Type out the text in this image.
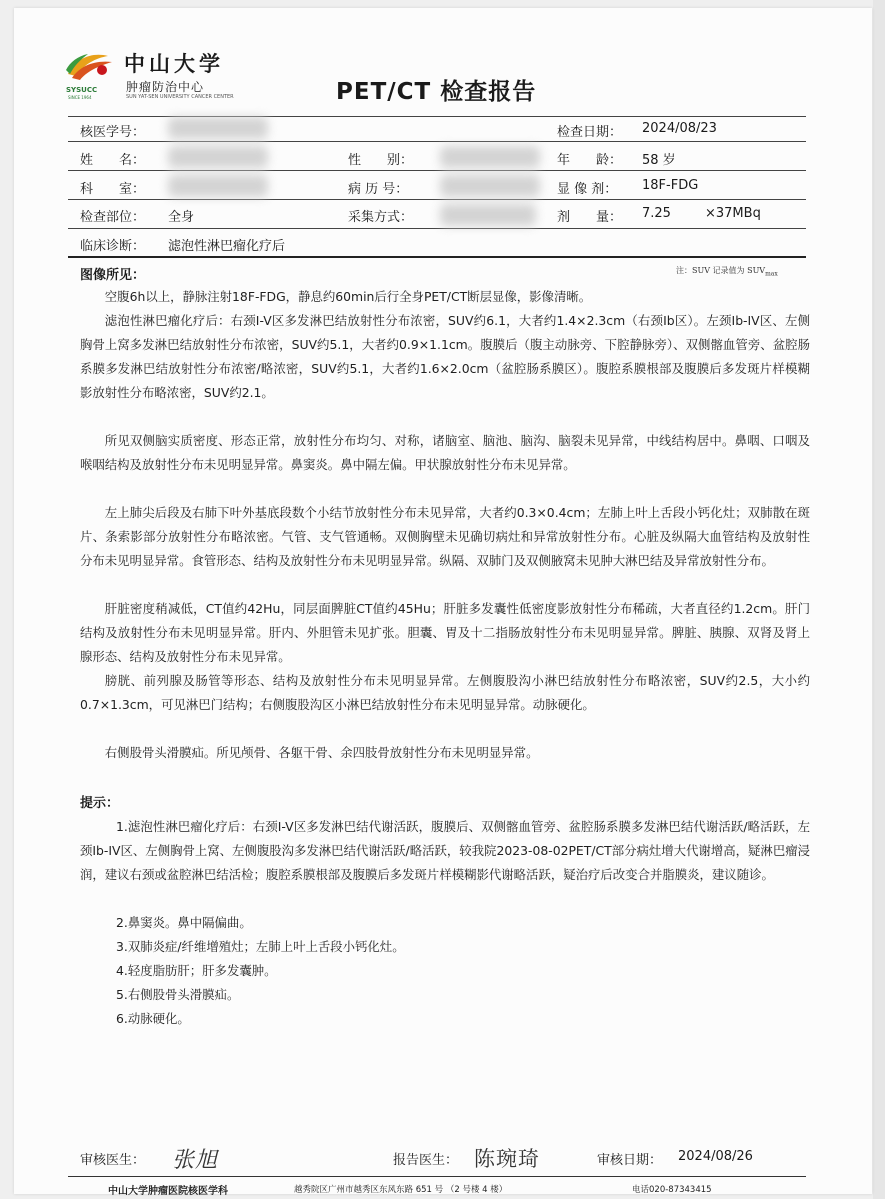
SYSUCC
SINCE 1964
中山大学
肿瘤防治中心
SUN YAT-SEN UNIVERSITY CANCER CENTER	PET/CT 检查报告
核医学号：	检查日期： 2024/08/23
姓　　名：	性　　别：	年　　龄： 58 岁
科　　室：	病 历 号：	显 像 剂： 18F-FDG
检查部位： 全身	采集方式：	剂　　量： 7.25	×37MBq
临床诊断： 滤泡性淋巴瘤化疗后
图像所见：	注：SUV 记录值为 $SUV_{max}$
空腹6h以上，静脉注射18F-FDG，静息约60min后行全身PET/CT断层显像，影像清晰。
滤泡性淋巴瘤化疗后：右颈I-V区多发淋巴结放射性分布浓密，SUV约6.1，大者约1.4×2.3cm（右颈Ib区）。左颈Ib-IV区、左侧胸骨上窝多发淋巴结放射性分布浓密，SUV约5.1，大者约0.9×1.1cm。腹膜后（腹主动脉旁、下腔静脉旁）、双侧髂血管旁、盆腔肠系膜多发淋巴结放射性分布浓密/略浓密，SUV约5.1，大者约1.6×2.0cm（盆腔肠系膜区）。腹腔系膜根部及腹膜后多发斑片样模糊影放射性分布略浓密，SUV约2.1。
所见双侧脑实质密度、形态正常，放射性分布均匀、对称，诸脑室、脑池、脑沟、脑裂未见异常，中线结构居中。鼻咽、口咽及喉咽结构及放射性分布未见明显异常。鼻窦炎。鼻中隔左偏。甲状腺放射性分布未见异常。
左上肺尖后段及右肺下叶外基底段数个小结节放射性分布未见异常，大者约0.3×0.4cm；左肺上叶上舌段小钙化灶；双肺散在斑片、条索影部分放射性分布略浓密。气管、支气管通畅。双侧胸壁未见确切病灶和异常放射性分布。心脏及纵隔大血管结构及放射性分布未见明显异常。食管形态、结构及放射性分布未见明显异常。纵隔、双肺门及双侧腋窝未见肿大淋巴结及异常放射性分布。
肝脏密度稍减低，CT值约42Hu，同层面脾脏CT值约45Hu；肝脏多发囊性低密度影放射性分布稀疏，大者直径约1.2cm。肝门结构及放射性分布未见明显异常。肝内、外胆管未见扩张。胆囊、胃及十二指肠放射性分布未见明显异常。脾脏、胰腺、双肾及肾上腺形态、结构及放射性分布未见异常。
膀胱、前列腺及肠管等形态、结构及放射性分布未见明显异常。左侧腹股沟小淋巴结放射性分布略浓密，SUV约2.5，大小约0.7×1.3cm，可见淋巴门结构；右侧腹股沟区小淋巴结放射性分布未见明显异常。动脉硬化。
右侧股骨头滑膜疝。所见颅骨、各躯干骨、余四肢骨放射性分布未见明显异常。
提示：
1.滤泡性淋巴瘤化疗后：右颈I-V区多发淋巴结代谢活跃，腹膜后、双侧髂血管旁、盆腔肠系膜多发淋巴结代谢活跃/略活跃，左颈Ib-IV区、左侧胸骨上窝、左侧腹股沟多发淋巴结代谢活跃/略活跃，较我院2023-08-02PET/CT部分病灶增大代谢增高，疑淋巴瘤浸润，建议右颈或盆腔淋巴结活检；腹腔系膜根部及腹膜后多发斑片样模糊影代谢略活跃，疑治疗后改变合并脂膜炎，建议随诊。
2.鼻窦炎。鼻中隔偏曲。
3.双肺炎症/纤维增殖灶；左肺上叶上舌段小钙化灶。
4.轻度脂肪肝；肝多发囊肿。
5.右侧股骨头滑膜疝。
6.动脉硬化。
审核医生： 张旭	报告医生： 陈琬琦	审核日期： 2024/08/26
中山大学肿瘤医院核医学科	越秀院区广州市越秀区东风东路 651 号 （2 号楼 4 楼）	电话020-87343415
